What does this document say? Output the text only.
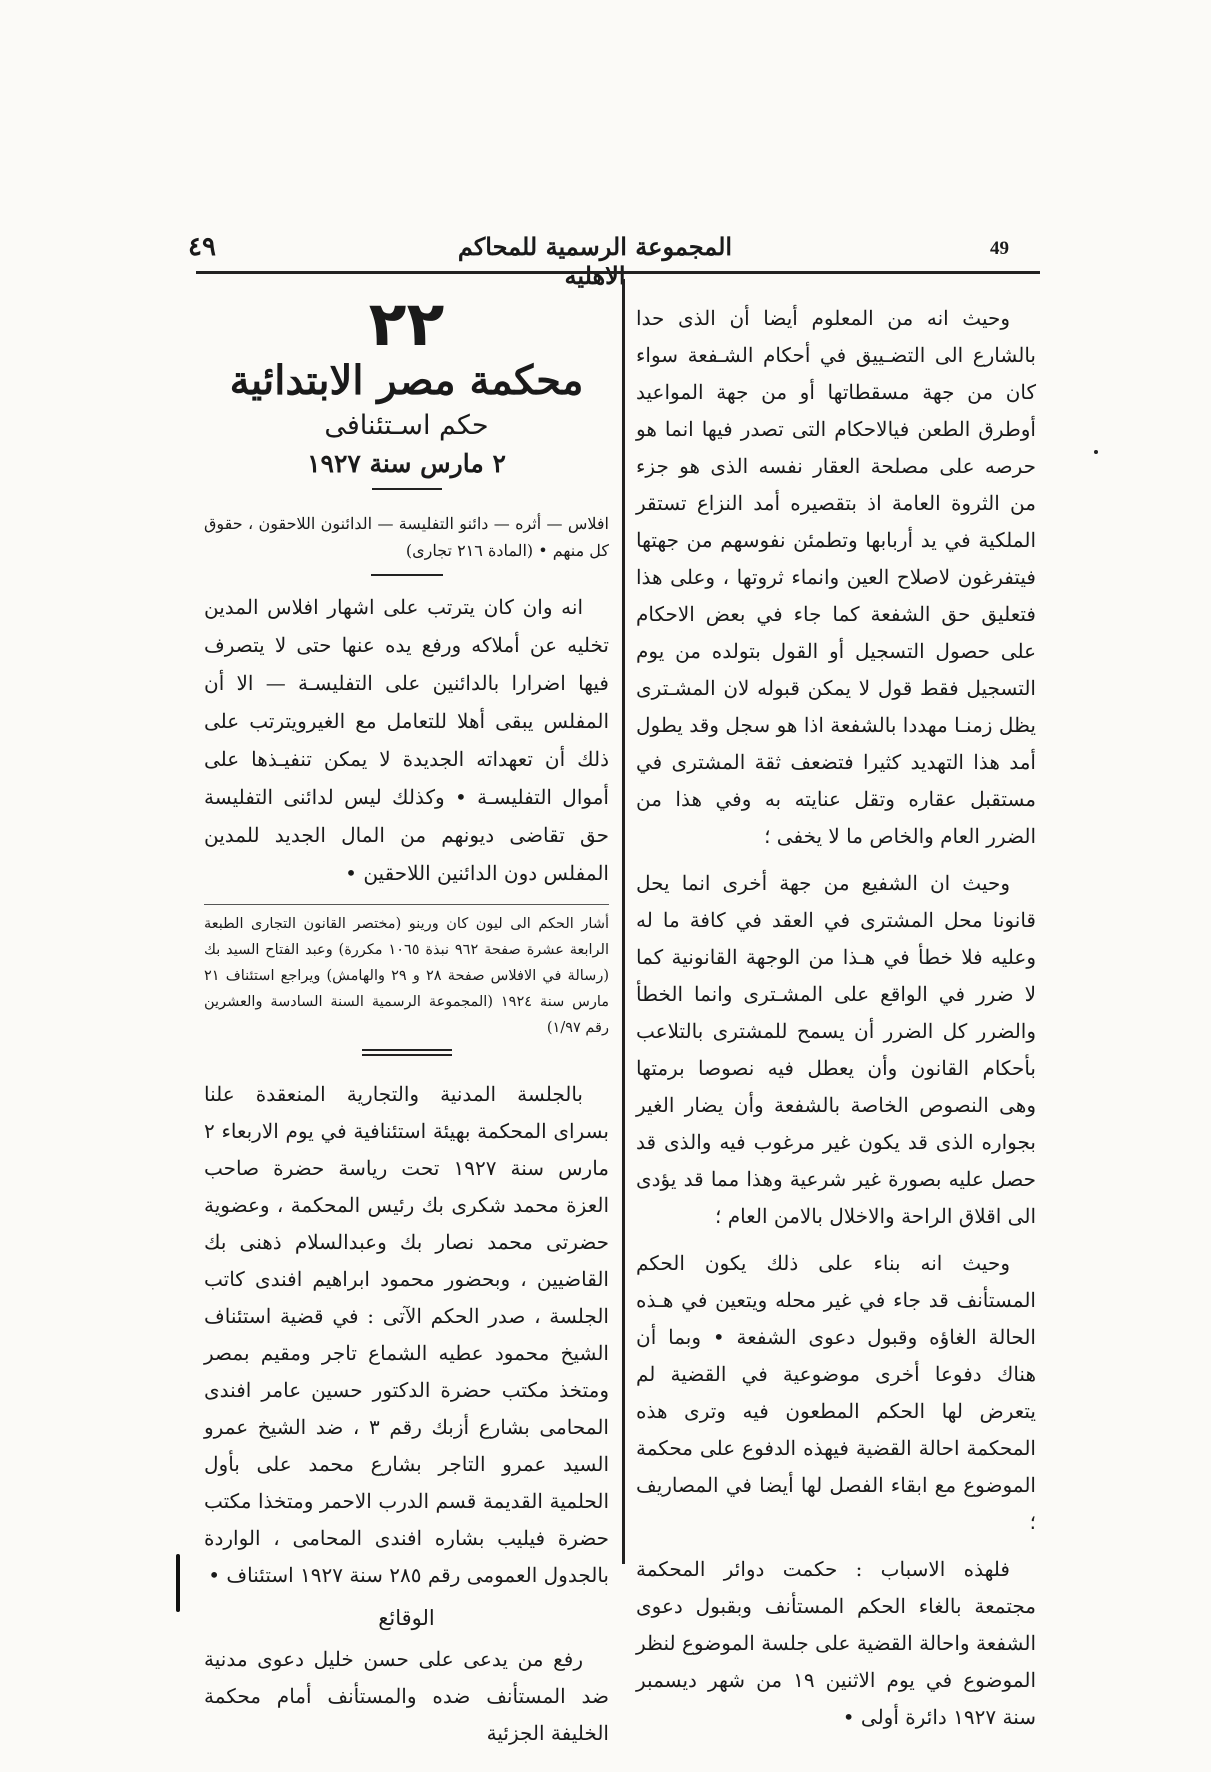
49
المجموعة الرسمية للمحاكم الاهلية
٤٩

وحيث انه من المعلوم أيضا أن الذى حدا بالشارع الى التضـييق في أحكام الشـفعة سواء كان من جهة مسقطاتها أو من جهة المواعيد أوطرق الطعن فيالاحكام التى تصدر فيها انما هو حرصه على مصلحة العقار نفسه الذى هو جزء من الثروة العامة اذ بتقصيره أمد النزاع تستقر الملكية في يد أربابها وتطمئن نفوسهم من جهتها فيتفرغون لاصلاح العين وانماء ثروتها ، وعلى هذا فتعليق حق الشفعة كما جاء في بعض الاحكام على حصول التسجيل أو القول بتولده من يوم التسجيل فقط قول لا يمكن قبوله لان المشـترى يظل زمنـا مهددا بالشفعة اذا هو سجل وقد يطول أمد هذا التهديد كثيرا فتضعف ثقة المشترى في مستقبل عقاره وتقل عنايته به وفي هذا من الضرر العام والخاص ما لا يخفى ؛

وحيث ان الشفيع من جهة أخرى انما يحل قانونا محل المشترى في العقد في كافة ما له وعليه فلا خطأ في هـذا من الوجهة القانونية كما لا ضرر في الواقع على المشـترى وانما الخطأ والضرر كل الضرر أن يسمح للمشترى بالتلاعب بأحكام القانون وأن يعطل فيه نصوصا برمتها وهى النصوص الخاصة بالشفعة وأن يضار الغير بجواره الذى قد يكون غير مرغوب فيه والذى قد حصل عليه بصورة غير شرعية وهذا مما قد يؤدى الى اقلاق الراحة والاخلال بالامن العام ؛

وحيث انه بناء على ذلك يكون الحكم المستأنف قد جاء في غير محله ويتعين في هـذه الحالة الغاؤه وقبول دعوى الشفعة • وبما أن هناك دفوعا أخرى موضوعية في القضية لم يتعرض لها الحكم المطعون فيه وترى هذه المحكمة احالة القضية فيهذه الدفوع على محكمة الموضوع مع ابقاء الفصل لها أيضا في المصاريف ؛

فلهذه الاسباب : حكمت دوائر المحكمة مجتمعة بالغاء الحكم المستأنف وبقبول دعوى الشفعة واحالة القضية على جلسة الموضوع لنظر الموضوع في يوم الاثنين ١٩ من شهر ديسمبر سنة ١٩٢٧ دائرة أولى •

٢٢
محكمة مصر الابتدائية
حكم اسـتئنافى
٢ مارس سنة ١٩٢٧

افلاس — أثره — دائنو التفليسة — الدائنون اللاحقون ، حقوق كل منهم • (المادة ٢١٦ تجارى)

انه وان كان يترتب على اشهار افلاس المدين تخليه عن أملاكه ورفع يده عنها حتى لا يتصرف فيها اضرارا بالدائنين على التفليسـة — الا أن المفلس يبقى أهلا للتعامل مع الغيرويترتب على ذلك أن تعهداته الجديدة لا يمكن تنفيـذها على أموال التفليسـة • وكذلك ليس لدائنى التفليسة حق تقاضى ديونهم من المال الجديد للمدين المفلس دون الدائنين اللاحقين •

أشار الحكم الى ليون كان ورينو (مختصر القانون التجارى الطبعة الرابعة عشرة صفحة ٩٦٢ نبذة ١٠٦٥ مكررة) وعبد الفتاح السيد بك (رسالة في الافلاس صفحة ٢٨ و ٢٩ والهامش) ويراجع استئناف ٢١ مارس سنة ١٩٢٤ (المجموعة الرسمية السنة السادسة والعشرين رقم ١/٩٧)

بالجلسة المدنية والتجارية المنعقدة علنا بسراى المحكمة بهيئة استئنافية في يوم الاربعاء ٢ مارس سنة ١٩٢٧ تحت رياسة حضرة صاحب العزة محمد شكرى بك رئيس المحكمة ، وعضوية حضرتى محمد نصار بك وعبدالسلام ذهنى بك القاضيين ، وبحضور محمود ابراهيم افندى كاتب الجلسة ، صدر الحكم الآتى : في قضية استئناف الشيخ محمود عطيه الشماع تاجر ومقيم بمصر ومتخذ مكتب حضرة الدكتور حسين عامر افندى المحامى بشارع أزبك رقم ٣ ، ضد الشيخ عمرو السيد عمرو التاجر بشارع محمد على بأول الحلمية القديمة قسم الدرب الاحمر ومتخذا مكتب حضرة فيليب بشاره افندى المحامى ، الواردة بالجدول العمومى رقم ٢٨٥ سنة ١٩٢٧ استئناف •

الوقائع

رفع من يدعى على حسن خليل دعوى مدنية ضد المستأنف ضده والمستأنف أمام محكمة الخليفة الجزئية
